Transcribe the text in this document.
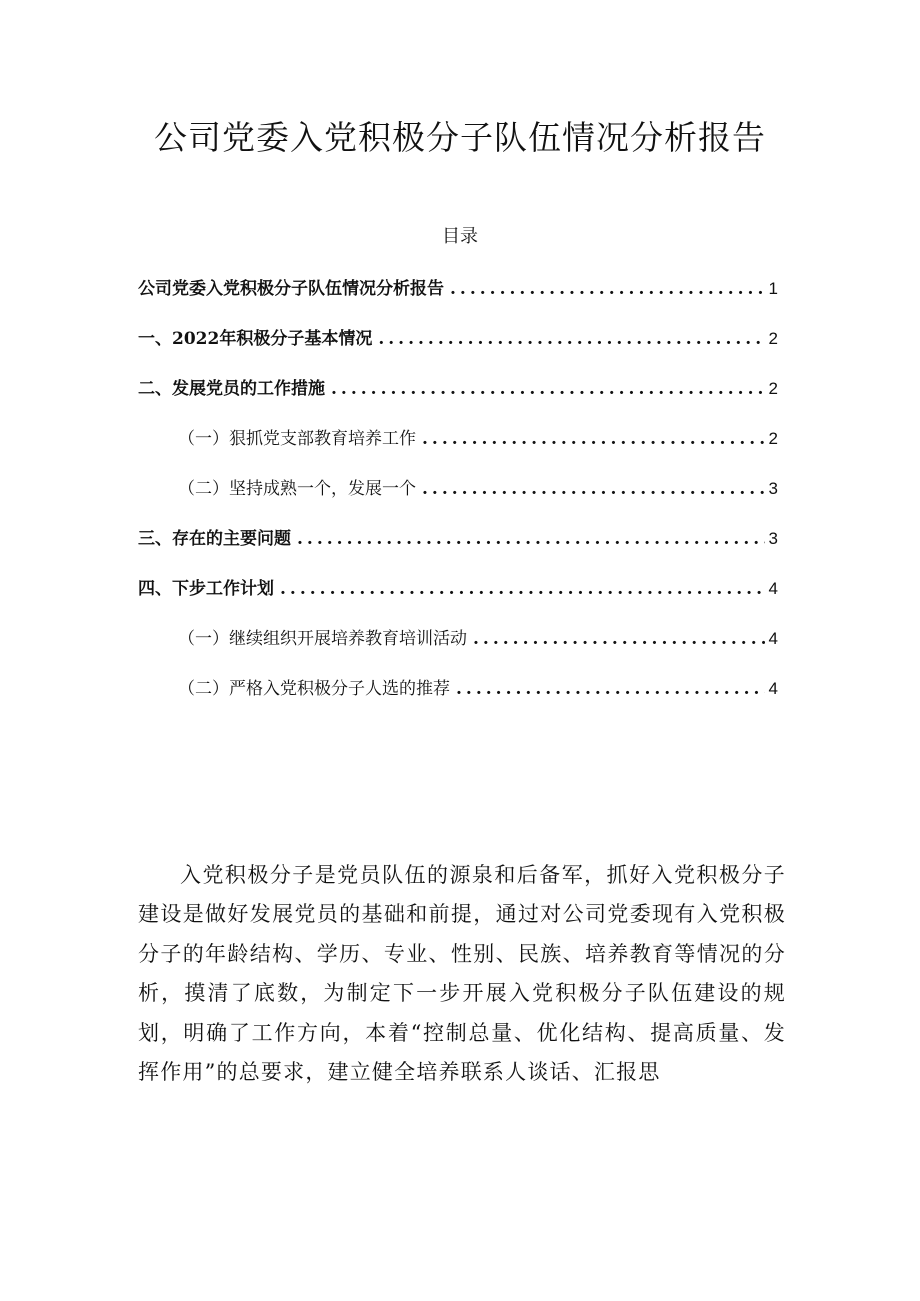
公司党委入党积极分子队伍情况分析报告
目录
公司党委入党积极分子队伍情况分析报告 .....	1
一、2022年积极分子基本情况 .....	2
二、发展党员的工作措施 .....	2
（一）狠抓党支部教育培养工作 .....	2
（二）坚持成熟一个，发展一个 .....	3
三、存在的主要问题 .....	3
四、下步工作计划 .....	4
（一）继续组织开展培养教育培训活动 .....	4
（二）严格入党积极分子人选的推荐 .....	4

入党积极分子是党员队伍的源泉和后备军，抓好入党积极分子建设是做好发展党员的基础和前提，通过对公司党委现有入党积极分子的年龄结构、学历、专业、性别、民族、培养教育等情况的分析，摸清了底数，为制定下一步开展入党积极分子队伍建设的规划，明确了工作方向，本着“控制总量、优化结构、提高质量、发挥作用”的总要求，建立健全培养联系人谈话、汇报思
